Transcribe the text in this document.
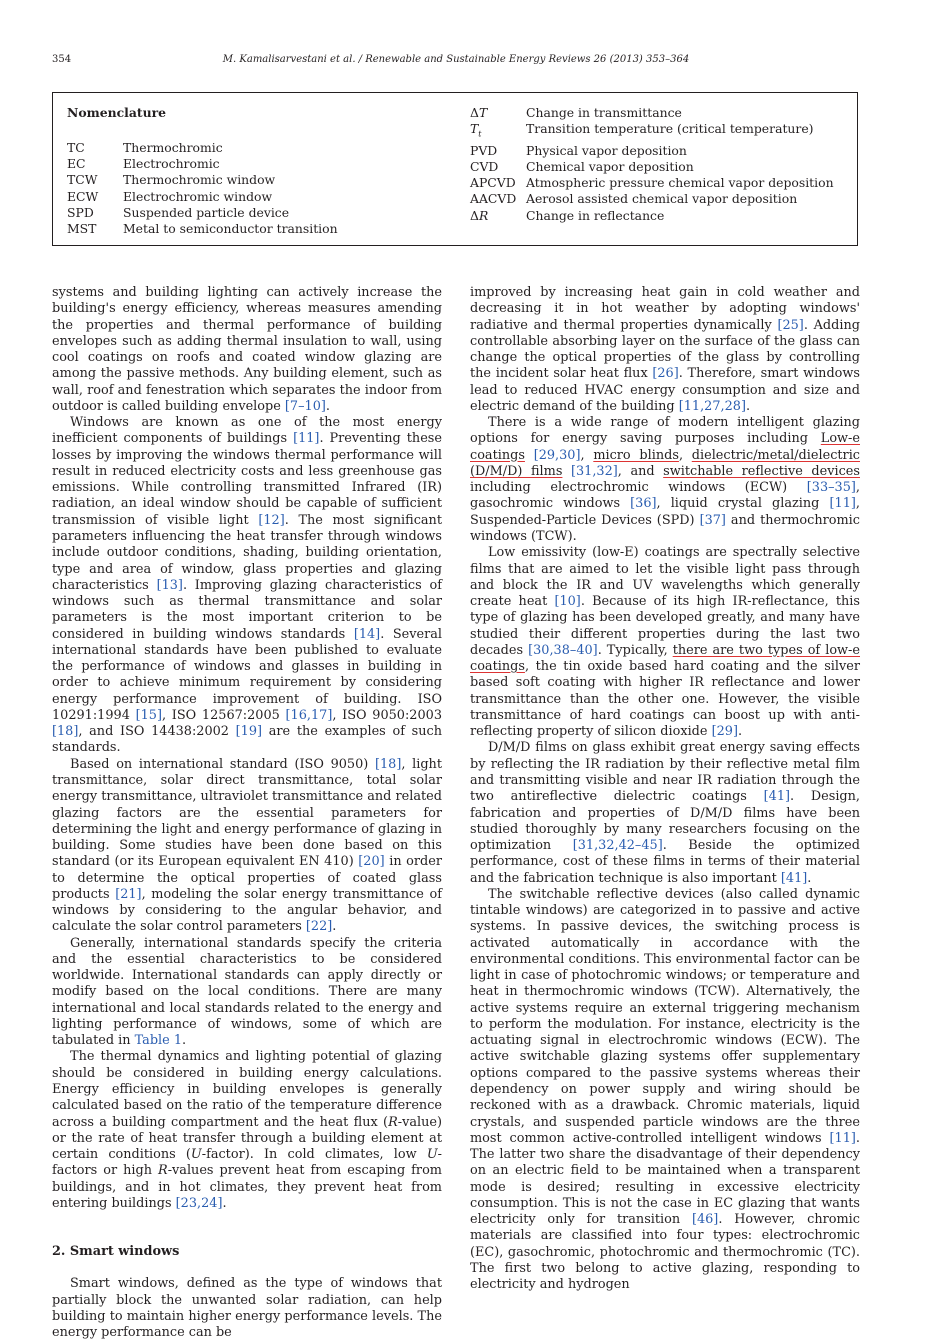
354	M. Kamalisarvestani et al. / Renewable and Sustainable Energy Reviews 26 (2013) 353–364
Nomenclature
TC	Thermochromic
EC	Electrochromic
TCW	Thermochromic window
ECW	Electrochromic window
SPD	Suspended particle device
MST	Metal to semiconductor transition
ΔT	Change in transmittance
$T_t$	Transition temperature (critical temperature)
PVD	Physical vapor deposition
CVD	Chemical vapor deposition
APCVD Atmospheric pressure chemical vapor deposition
AACVD Aerosol assisted chemical vapor deposition
ΔR	Change in reflectance

systems and building lighting can actively increase the building's energy efficiency, whereas measures amending the properties and thermal performance of building envelopes such as adding thermal insulation to wall, using cool coatings on roofs and coated window glazing are among the passive methods. Any building element, such as wall, roof and fenestration which separates the indoor from outdoor is called building envelope [7–10].

Windows are known as one of the most energy inefficient components of buildings [11]. Preventing these losses by improving the windows thermal performance will result in reduced electricity costs and less greenhouse gas emissions. While controlling transmitted Infrared (IR) radiation, an ideal window should be capable of sufficient transmission of visible light [12]. The most significant parameters influencing the heat transfer through windows include outdoor conditions, shading, building orientation, type and area of window, glass properties and glazing characteristics [13]. Improving glazing characteristics of windows such as thermal transmittance and solar parameters is the most important criterion to be considered in building windows standards [14]. Several international standards have been published to evaluate the performance of windows and glasses in building in order to achieve minimum requirement by considering energy performance improvement of building. ISO 10291:1994 [15], ISO 12567:2005 [16,17], ISO 9050:2003 [18], and ISO 14438:2002 [19] are the examples of such standards.

Based on international standard (ISO 9050) [18], light transmittance, solar direct transmittance, total solar energy transmittance, ultraviolet transmittance and related glazing factors are the essential parameters for determining the light and energy performance of glazing in building. Some studies have been done based on this standard (or its European equivalent EN 410) [20] in order to determine the optical properties of coated glass products [21], modeling the solar energy transmittance of windows by considering to the angular behavior, and calculate the solar control parameters [22].

Generally, international standards specify the criteria and the essential characteristics to be considered worldwide. International standards can apply directly or modify based on the local conditions. There are many international and local standards related to the energy and lighting performance of windows, some of which are tabulated in Table 1.

The thermal dynamics and lighting potential of glazing should be considered in building energy calculations. Energy efficiency in building envelopes is generally calculated based on the ratio of the temperature difference across a building compartment and the heat flux (R-value) or the rate of heat transfer through a building element at certain conditions (U-factor). In cold climates, low U-factors or high R-values prevent heat from escaping from buildings, and in hot climates, they prevent heat from entering buildings [23,24].

2. Smart windows

Smart windows, defined as the type of windows that partially block the unwanted solar radiation, can help building to maintain higher energy performance levels. The energy performance can be

improved by increasing heat gain in cold weather and decreasing it in hot weather by adopting windows' radiative and thermal properties dynamically [25]. Adding controllable absorbing layer on the surface of the glass can change the optical properties of the glass by controlling the incident solar heat flux [26]. Therefore, smart windows lead to reduced HVAC energy consumption and size and electric demand of the building [11,27,28].

There is a wide range of modern intelligent glazing options for energy saving purposes including Low-e coatings [29,30], micro blinds, dielectric/metal/dielectric (D/M/D) films [31,32], and switchable reflective devices including electrochromic windows (ECW) [33–35], gasochromic windows [36], liquid crystal glazing [11], Suspended-Particle Devices (SPD) [37] and thermochromic windows (TCW).

Low emissivity (low-E) coatings are spectrally selective films that are aimed to let the visible light pass through and block the IR and UV wavelengths which generally create heat [10]. Because of its high IR-reflectance, this type of glazing has been developed greatly, and many have studied their different properties during the last two decades [30,38–40]. Typically, there are two types of low-e coatings, the tin oxide based hard coating and the silver based soft coating with higher IR reflectance and lower transmittance than the other one. However, the visible transmittance of hard coatings can boost up with anti-reflecting property of silicon dioxide [29].

D/M/D films on glass exhibit great energy saving effects by reflecting the IR radiation by their reflective metal film and transmitting visible and near IR radiation through the two antireflective dielectric coatings [41]. Design, fabrication and properties of D/M/D films have been studied thoroughly by many researchers focusing on the optimization [31,32,42–45]. Beside the optimized performance, cost of these films in terms of their material and the fabrication technique is also important [41].

The switchable reflective devices (also called dynamic tintable windows) are categorized in to passive and active systems. In passive devices, the switching process is activated automatically in accordance with the environmental conditions. This environmental factor can be light in case of photochromic windows; or temperature and heat in thermochromic windows (TCW). Alternatively, the active systems require an external triggering mechanism to perform the modulation. For instance, electricity is the actuating signal in electrochromic windows (ECW). The active switchable glazing systems offer supplementary options compared to the passive systems whereas their dependency on power supply and wiring should be reckoned with as a drawback. Chromic materials, liquid crystals, and suspended particle windows are the three most common active-controlled intelligent windows [11]. The latter two share the disadvantage of their dependency on an electric field to be maintained when a transparent mode is desired; resulting in excessive electricity consumption. This is not the case in EC glazing that wants electricity only for transition [46]. However, chromic materials are classified into four types: electrochromic (EC), gasochromic, photochromic and thermochromic (TC). The first two belong to active glazing, responding to electricity and hydrogen
